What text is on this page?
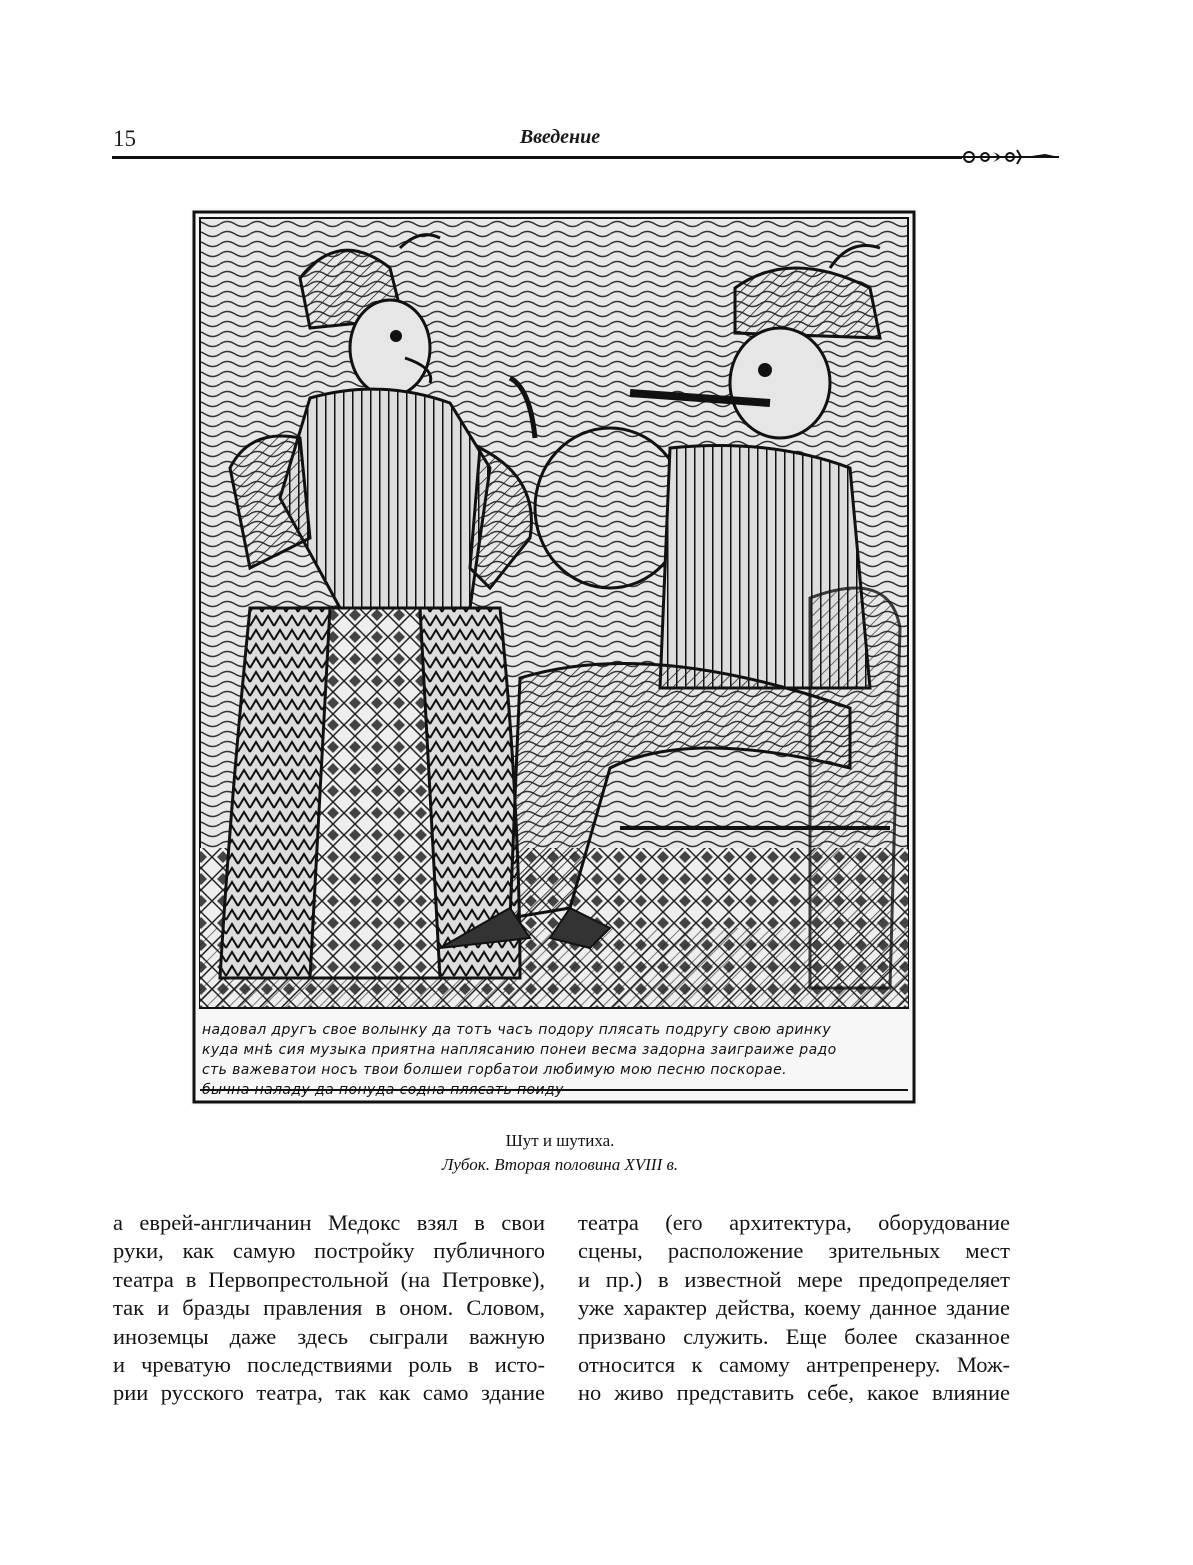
15	Введение
надовал другъ свое волынку да тотъ часъ подору плясать подругу свою аринку
куда мнѣ сия музыка приятна наплясанию понеи весма задорна заиграиже радо
сть важеватои носъ твои болшеи горбатои любимую мою песню поскорае.
бычна наладу да понуда содна плясать поиду
Шут и шутиха.
Лубок. Вторая половина XVIII в.
а еврей-англичанин Медокс взял в свои
руки, как самую постройку публичного
театра в Первопрестольной (на Петровке),
так и бразды правления в оном. Словом,
иноземцы даже здесь сыграли важную
и чреватую последствиями роль в исто-
рии русского театра, так как само здание
театра (его архитектура, оборудование
сцены, расположение зрительных мест
и пр.) в известной мере предопределяет
уже характер действа, коему данное здание
призвано служить. Еще более сказанное
относится к самому антрепренеру. Мож-
но живо представить себе, какое влияние
